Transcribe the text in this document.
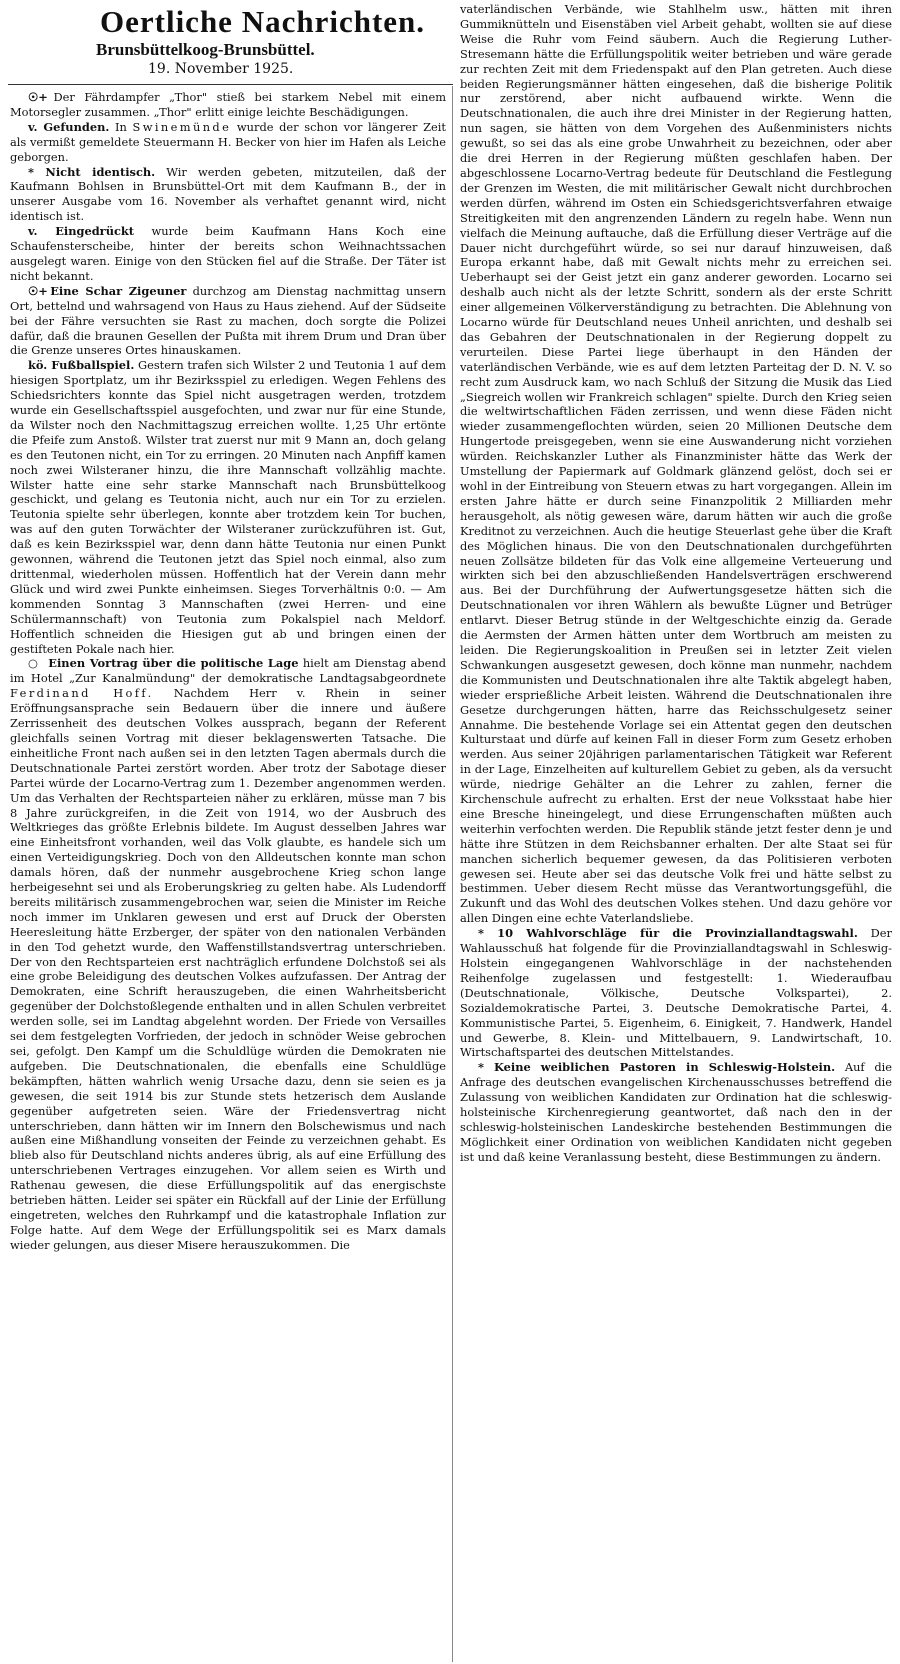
Oertliche Nachrichten.
Brunsbüttelkoog-Brunsbüttel.
19. November 1925.

☉+ Der Fährdampfer „Thor" stieß bei starkem Nebel mit einem Motorsegler zusammen. „Thor" erlitt einige leichte Beschädigungen.

v. Gefunden. In Swinemünde wurde der schon vor längerer Zeit als vermißt gemeldete Steuermann H. Becker von hier im Hafen als Leiche geborgen.

* Nicht identisch. Wir werden gebeten, mitzuteilen, daß der Kaufmann Bohlsen in Brunsbüttel-Ort mit dem Kaufmann B., der in unserer Ausgabe vom 16. November als verhaftet genannt wird, nicht identisch ist.

v. Eingedrückt wurde beim Kaufmann Hans Koch eine Schaufensterscheibe, hinter der bereits schon Weihnachtssachen ausgelegt waren. Einige von den Stücken fiel auf die Straße. Der Täter ist nicht bekannt.

☉+ Eine Schar Zigeuner durchzog am Dienstag nachmittag unsern Ort, bettelnd und wahrsagend von Haus zu Haus ziehend. Auf der Südseite bei der Fähre versuchten sie Rast zu machen, doch sorgte die Polizei dafür, daß die braunen Gesellen der Pußta mit ihrem Drum und Dran über die Grenze unseres Ortes hinauskamen.

kö. Fußballspiel. Gestern trafen sich Wilster 2 und Teutonia 1 auf dem hiesigen Sportplatz, um ihr Bezirksspiel zu erledigen. Wegen Fehlens des Schiedsrichters konnte das Spiel nicht ausgetragen werden, trotzdem wurde ein Gesellschaftsspiel ausgefochten, und zwar nur für eine Stunde, da Wilster noch den Nachmittagszug erreichen wollte. 1,25 Uhr ertönte die Pfeife zum Anstoß. Wilster trat zuerst nur mit 9 Mann an, doch gelang es den Teutonen nicht, ein Tor zu erringen. 20 Minuten nach Anpfiff kamen noch zwei Wilsteraner hinzu, die ihre Mannschaft vollzählig machte. Wilster hatte eine sehr starke Mannschaft nach Brunsbüttelkoog geschickt, und gelang es Teutonia nicht, auch nur ein Tor zu erzielen. Teutonia spielte sehr überlegen, konnte aber trotzdem kein Tor buchen, was auf den guten Torwächter der Wilsteraner zurückzuführen ist. Gut, daß es kein Bezirksspiel war, denn dann hätte Teutonia nur einen Punkt gewonnen, während die Teutonen jetzt das Spiel noch einmal, also zum drittenmal, wiederholen müssen. Hoffentlich hat der Verein dann mehr Glück und wird zwei Punkte einheimsen. Sieges Torverhältnis 0:0. — Am kommenden Sonntag 3 Mannschaften (zwei Herren- und eine Schülermannschaft) von Teutonia zum Pokalspiel nach Meldorf. Hoffentlich schneiden die Hiesigen gut ab und bringen einen der gestifteten Pokale nach hier.

○ Einen Vortrag über die politische Lage hielt am Dienstag abend im Hotel „Zur Kanalmündung" der demokratische Landtagsabgeordnete Ferdinand Hoff. Nachdem Herr v. Rhein in seiner Eröffnungsansprache sein Bedauern über die innere und äußere Zerrissenheit des deutschen Volkes aussprach, begann der Referent gleichfalls seinen Vortrag mit dieser beklagenswerten Tatsache. Die einheitliche Front nach außen sei in den letzten Tagen abermals durch die Deutschnationale Partei zerstört worden. Aber trotz der Sabotage dieser Partei würde der Locarno-Vertrag zum 1. Dezember angenommen werden. Um das Verhalten der Rechtsparteien näher zu erklären, müsse man 7 bis 8 Jahre zurückgreifen, in die Zeit von 1914, wo der Ausbruch des Weltkrieges das größte Erlebnis bildete. Im August desselben Jahres war eine Einheitsfront vorhanden, weil das Volk glaubte, es handele sich um einen Verteidigungskrieg. Doch von den Alldeutschen konnte man schon damals hören, daß der nunmehr ausgebrochene Krieg schon lange herbeigesehnt sei und als Eroberungskrieg zu gelten habe. Als Ludendorff bereits militärisch zusammengebrochen war, seien die Minister im Reiche noch immer im Unklaren gewesen und erst auf Druck der Obersten Heeresleitung hätte Erzberger, der später von den nationalen Verbänden in den Tod gehetzt wurde, den Waffenstillstandsvertrag unterschrieben. Der von den Rechtsparteien erst nachträglich erfundene Dolchstoß sei als eine grobe Beleidigung des deutschen Volkes aufzufassen. Der Antrag der Demokraten, eine Schrift herauszugeben, die einen Wahrheitsbericht gegenüber der Dolchstoßlegende enthalten und in allen Schulen verbreitet werden solle, sei im Landtag abgelehnt worden. Der Friede von Versailles sei dem festgelegten Vorfrieden, der jedoch in schnöder Weise gebrochen sei, gefolgt. Den Kampf um die Schuldlüge würden die Demokraten nie aufgeben. Die Deutschnationalen, die ebenfalls eine Schuldlüge bekämpften, hätten wahrlich wenig Ursache dazu, denn sie seien es ja gewesen, die seit 1914 bis zur Stunde stets hetzerisch dem Auslande gegenüber aufgetreten seien. Wäre der Friedensvertrag nicht unterschrieben, dann hätten wir im Innern den Bolschewismus und nach außen eine Mißhandlung vonseiten der Feinde zu verzeichnen gehabt. Es blieb also für Deutschland nichts anderes übrig, als auf eine Erfüllung des unterschriebenen Vertrages einzugehen. Vor allem seien es Wirth und Rathenau gewesen, die diese Erfüllungspolitik auf das energischste betrieben hätten. Leider sei später ein Rückfall auf der Linie der Erfüllung eingetreten, welches den Ruhrkampf und die katastrophale Inflation zur Folge hatte. Auf dem Wege der Erfüllungspolitik sei es Marx damals wieder gelungen, aus dieser Misere herauszukommen. Die

vaterländischen Verbände, wie Stahlhelm usw., hätten mit ihren Gummiknütteln und Eisenstäben viel Arbeit gehabt, wollten sie auf diese Weise die Ruhr vom Feind säubern. Auch die Regierung Luther-Stresemann hätte die Erfüllungspolitik weiter betrieben und wäre gerade zur rechten Zeit mit dem Friedenspakt auf den Plan getreten. Auch diese beiden Regierungsmänner hätten eingesehen, daß die bisherige Politik nur zerstörend, aber nicht aufbauend wirkte. Wenn die Deutschnationalen, die auch ihre drei Minister in der Regierung hatten, nun sagen, sie hätten von dem Vorgehen des Außenministers nichts gewußt, so sei das als eine grobe Unwahrheit zu bezeichnen, oder aber die drei Herren in der Regierung müßten geschlafen haben. Der abgeschlossene Locarno-Vertrag bedeute für Deutschland die Festlegung der Grenzen im Westen, die mit militärischer Gewalt nicht durchbrochen werden dürfen, während im Osten ein Schiedsgerichtsverfahren etwaige Streitigkeiten mit den angrenzenden Ländern zu regeln habe. Wenn nun vielfach die Meinung auftauche, daß die Erfüllung dieser Verträge auf die Dauer nicht durchgeführt würde, so sei nur darauf hinzuweisen, daß Europa erkannt habe, daß mit Gewalt nichts mehr zu erreichen sei. Ueberhaupt sei der Geist jetzt ein ganz anderer geworden. Locarno sei deshalb auch nicht als der letzte Schritt, sondern als der erste Schritt einer allgemeinen Völkerverständigung zu betrachten. Die Ablehnung von Locarno würde für Deutschland neues Unheil anrichten, und deshalb sei das Gebahren der Deutschnationalen in der Regierung doppelt zu verurteilen. Diese Partei liege überhaupt in den Händen der vaterländischen Verbände, wie es auf dem letzten Parteitag der D. N. V. so recht zum Ausdruck kam, wo nach Schluß der Sitzung die Musik das Lied „Siegreich wollen wir Frankreich schlagen" spielte. Durch den Krieg seien die weltwirtschaftlichen Fäden zerrissen, und wenn diese Fäden nicht wieder zusammengeflochten würden, seien 20 Millionen Deutsche dem Hungertode preisgegeben, wenn sie eine Auswanderung nicht vorziehen würden. Reichskanzler Luther als Finanzminister hätte das Werk der Umstellung der Papiermark auf Goldmark glänzend gelöst, doch sei er wohl in der Eintreibung von Steuern etwas zu hart vorgegangen. Allein im ersten Jahre hätte er durch seine Finanzpolitik 2 Milliarden mehr herausgeholt, als nötig gewesen wäre, darum hätten wir auch die große Kreditnot zu verzeichnen. Auch die heutige Steuerlast gehe über die Kraft des Möglichen hinaus. Die von den Deutschnationalen durchgeführten neuen Zollsätze bildeten für das Volk eine allgemeine Verteuerung und wirkten sich bei den abzuschließenden Handelsverträgen erschwerend aus. Bei der Durchführung der Aufwertungsgesetze hätten sich die Deutschnationalen vor ihren Wählern als bewußte Lügner und Betrüger entlarvt. Dieser Betrug stünde in der Weltgeschichte einzig da. Gerade die Aermsten der Armen hätten unter dem Wortbruch am meisten zu leiden. Die Regierungskoalition in Preußen sei in letzter Zeit vielen Schwankungen ausgesetzt gewesen, doch könne man nunmehr, nachdem die Kommunisten und Deutschnationalen ihre alte Taktik abgelegt haben, wieder ersprießliche Arbeit leisten. Während die Deutschnationalen ihre Gesetze durchgerungen hätten, harre das Reichsschulgesetz seiner Annahme. Die bestehende Vorlage sei ein Attentat gegen den deutschen Kulturstaat und dürfe auf keinen Fall in dieser Form zum Gesetz erhoben werden. Aus seiner 20jährigen parlamentarischen Tätigkeit war Referent in der Lage, Einzelheiten auf kulturellem Gebiet zu geben, als da versucht würde, niedrige Gehälter an die Lehrer zu zahlen, ferner die Kirchenschule aufrecht zu erhalten. Erst der neue Volksstaat habe hier eine Bresche hineingelegt, und diese Errungenschaften müßten auch weiterhin verfochten werden. Die Republik stände jetzt fester denn je und hätte ihre Stützen in dem Reichsbanner erhalten. Der alte Staat sei für manchen sicherlich bequemer gewesen, da das Politisieren verboten gewesen sei. Heute aber sei das deutsche Volk frei und hätte selbst zu bestimmen. Ueber diesem Recht müsse das Verantwortungsgefühl, die Zukunft und das Wohl des deutschen Volkes stehen. Und dazu gehöre vor allen Dingen eine echte Vaterlandsliebe.

* 10 Wahlvorschläge für die Provinziallandtagswahl. Der Wahlausschuß hat folgende für die Provinziallandtagswahl in Schleswig-Holstein eingegangenen Wahlvorschläge in der nachstehenden Reihenfolge zugelassen und festgestellt: 1. Wiederaufbau (Deutschnationale, Völkische, Deutsche Volkspartei), 2. Sozialdemokratische Partei, 3. Deutsche Demokratische Partei, 4. Kommunistische Partei, 5. Eigenheim, 6. Einigkeit, 7. Handwerk, Handel und Gewerbe, 8. Klein- und Mittelbauern, 9. Landwirtschaft, 10. Wirtschaftspartei des deutschen Mittelstandes.

* Keine weiblichen Pastoren in Schleswig-Holstein. Auf die Anfrage des deutschen evangelischen Kirchenausschusses betreffend die Zulassung von weiblichen Kandidaten zur Ordination hat die schleswig-holsteinische Kirchenregierung geantwortet, daß nach den in der schleswig-holsteinischen Landeskirche bestehenden Bestimmungen die Möglichkeit einer Ordination von weiblichen Kandidaten nicht gegeben ist und daß keine Veranlassung besteht, diese Bestimmungen zu ändern.
